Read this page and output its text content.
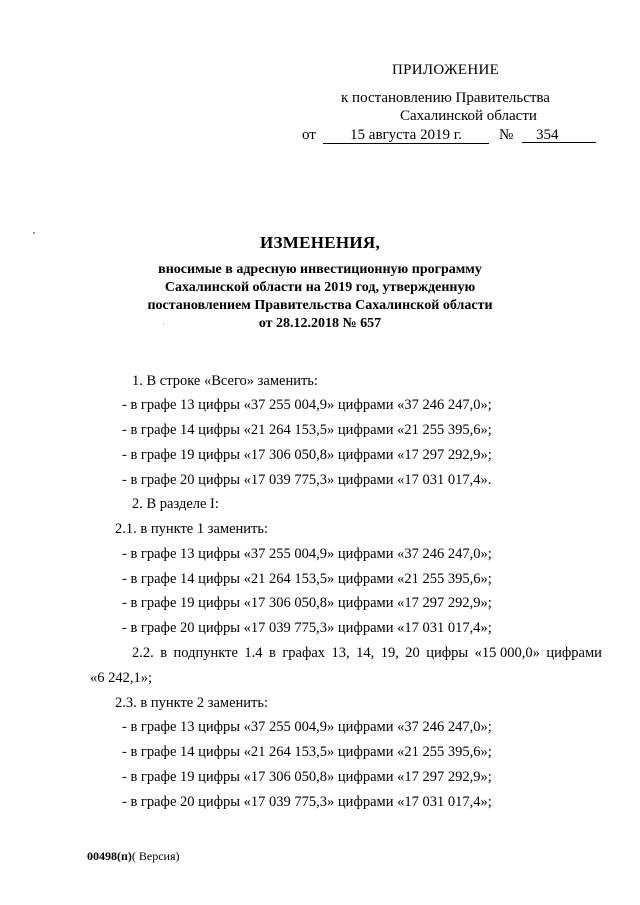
ПРИЛОЖЕНИЕ
к постановлению Правительства
Сахалинской области
от	15 августа 2019 г.	№	354
ИЗМЕНЕНИЯ,
вносимые в адресную инвестиционную программу
Сахалинской области на 2019 год, утвержденную
постановлением Правительства Сахалинской области
от 28.12.2018 № 657
1. В строке «Всего» заменить:
- в графе 13 цифры «37 255 004,9» цифрами «37 246 247,0»;
- в графе 14 цифры «21 264 153,5» цифрами «21 255 395,6»;
- в графе 19 цифры «17 306 050,8» цифрами «17 297 292,9»;
- в графе 20 цифры «17 039 775,3» цифрами «17 031 017,4».
2. В разделе I:
2.1. в пункте 1 заменить:
- в графе 13 цифры «37 255 004,9» цифрами «37 246 247,0»;
- в графе 14 цифры «21 264 153,5» цифрами «21 255 395,6»;
- в графе 19 цифры «17 306 050,8» цифрами «17 297 292,9»;
- в графе 20 цифры «17 039 775,3» цифрами «17 031 017,4»;
2.2. в подпункте 1.4 в графах 13, 14, 19, 20 цифры «15 000,0» цифрами
«6 242,1»;
2.3. в пункте 2 заменить:
- в графе 13 цифры «37 255 004,9» цифрами «37 246 247,0»;
- в графе 14 цифры «21 264 153,5» цифрами «21 255 395,6»;
- в графе 19 цифры «17 306 050,8» цифрами «17 297 292,9»;
- в графе 20 цифры «17 039 775,3» цифрами «17 031 017,4»;
00498(п)( Версия)
